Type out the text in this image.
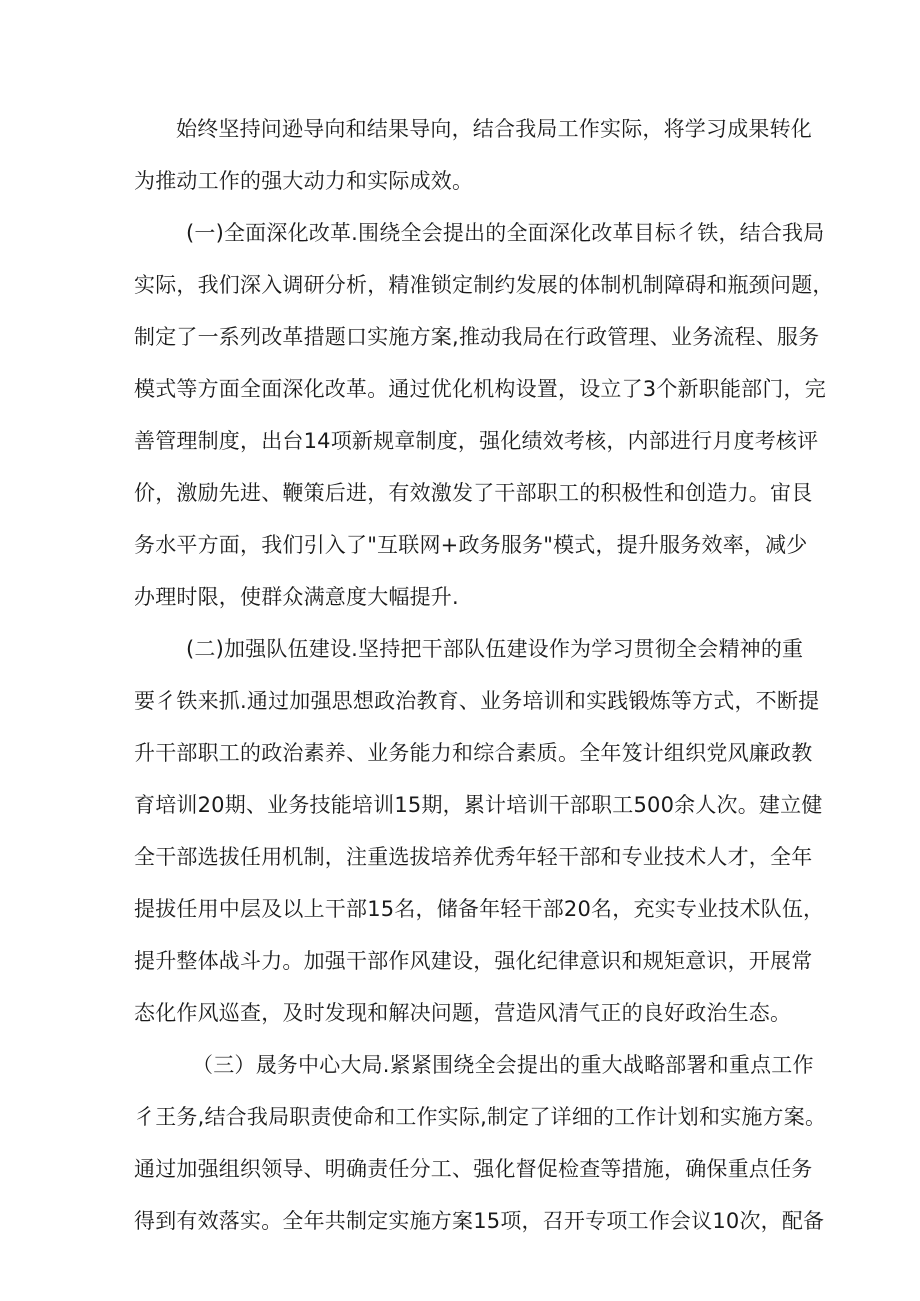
始终坚持问逊导向和结果导向，结合我局工作实际，将学习成果转化

为推动工作的强大动力和实际成效。

(一)全面深化改革.围绕全会提出的全面深化改革目标彳铁，结合我局

实际，我们深入调研分析，精准锁定制约发展的体制机制障碍和瓶颈问题，

制定了一系列改革措题口实施方案,推动我局在行政管理、业务流程、服务

模式等方面全面深化改革。通过优化机构设置，设立了3个新职能部门，完

善管理制度，出台14项新规章制度，强化绩效考核，内部进行月度考核评

价，激励先进、鞭策后进，有效激发了干部职工的积极性和创造力。宙艮

务水平方面，我们引入了"互联网+政务服务"模式，提升服务效率，减少

办理时限，使群众满意度大幅提升.

(二)加强队伍建设.坚持把干部队伍建设作为学习贯彻全会精神的重

要彳铁来抓.通过加强思想政治教育、业务培训和实践锻炼等方式，不断提

升干部职工的政治素养、业务能力和综合素质。全年笈计组织党风廉政教

育培训20期、业务技能培训15期，累计培训干部职工500余人次。建立健

全干部选拔任用机制，注重选拔培养优秀年轻干部和专业技术人才，全年

提拔任用中层及以上干部15名，储备年轻干部20名，充实专业技术队伍，

提升整体战斗力。加强干部作风建设，强化纪律意识和规矩意识，开展常

态化作风巡查，及时发现和解决问题，营造风清气正的良好政治生态。

（三）晟务中心大局.紧紧围绕全会提出的重大战略部署和重点工作

彳王务,结合我局职责使命和工作实际,制定了详细的工作计划和实施方案。

通过加强组织领导、明确责任分工、强化督促检查等措施，确保重点任务

得到有效落实。全年共制定实施方案15项，召开专项工作会议10次，配备
